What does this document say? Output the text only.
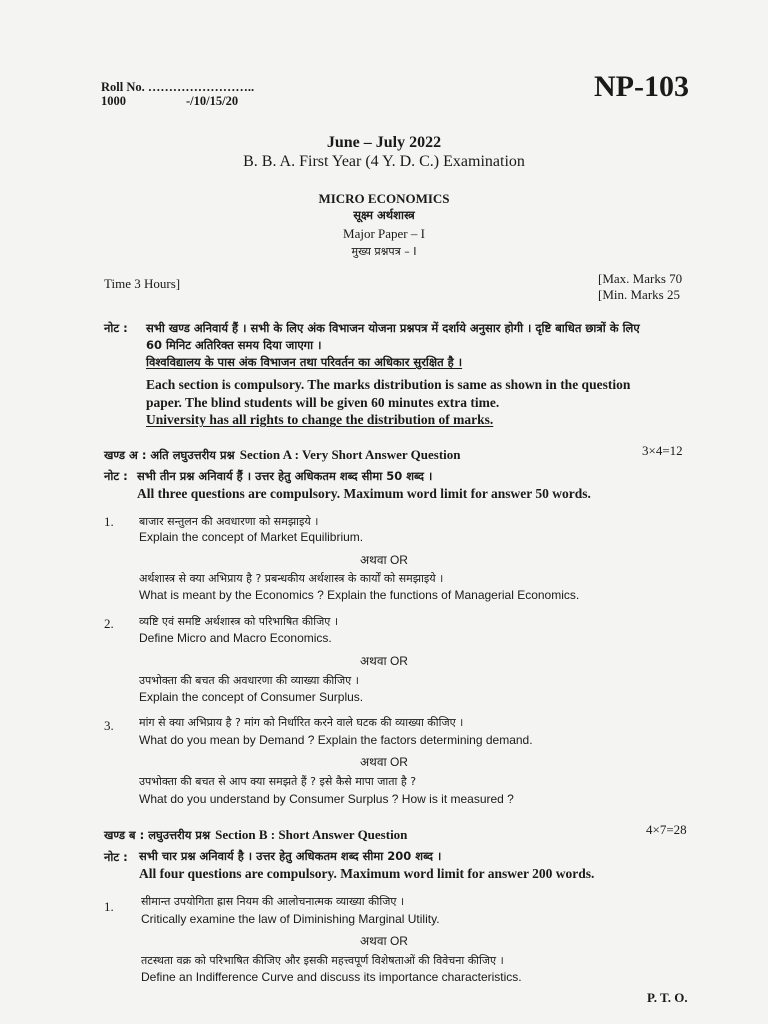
Roll No. ……………………..
1000	-/10/15/20	NP-103
June – July 2022
B. B. A. First Year (4 Y. D. C.) Examination
MICRO ECONOMICS
सूक्ष्म अर्थशास्त्र
Major Paper – I
मुख्य प्रश्नपत्र – I
Time 3 Hours]	[Max. Marks 70
[Min. Marks 25
नोट : सभी खण्ड अनिवार्य हैं । सभी के लिए अंक विभाजन योजना प्रश्नपत्र में दर्शाये अनुसार होगी । दृष्टि बाधित छात्रों के लिए
60 मिनिट अतिरिक्त समय दिया जाएगा ।
विश्वविद्यालय के पास अंक विभाजन तथा परिवर्तन का अधिकार सुरक्षित है ।
Each section is compulsory. The marks distribution is same as shown in the question
paper. The blind students will be given 60 minutes extra time.
University has all rights to change the distribution of marks.
खण्ड अ : अति लघुउत्तरीय प्रश्न Section A : Very Short Answer Question	3×4=12
नोट : सभी तीन प्रश्न अनिवार्य हैं । उत्तर हेतु अधिकतम शब्द सीमा 50 शब्द ।
All three questions are compulsory. Maximum word limit for answer 50 words.
1. बाजार सन्तुलन की अवधारणा को समझाइये ।
Explain the concept of Market Equilibrium.
अथवा OR
अर्थशास्त्र से क्या अभिप्राय है ? प्रबन्धकीय अर्थशास्त्र के कार्यों को समझाइये ।
What is meant by the Economics ? Explain the functions of Managerial Economics.
2. व्यष्टि एवं समष्टि अर्थशास्त्र को परिभाषित कीजिए ।
Define Micro and Macro Economics.
अथवा OR
उपभोक्ता की बचत की अवधारणा की व्याख्या कीजिए ।
Explain the concept of Consumer Surplus.
3. मांग से क्या अभिप्राय है ? मांग को निर्धारित करने वाले घटक की व्याख्या कीजिए ।
What do you mean by Demand ? Explain the factors determining demand.
अथवा OR
उपभोक्ता की बचत से आप क्या समझते हैं ? इसे कैसे मापा जाता है ?
What do you understand by Consumer Surplus ? How is it measured ?
खण्ड ब : लघुउत्तरीय प्रश्न Section B : Short Answer Question	4×7=28
नोट : सभी चार प्रश्न अनिवार्य है । उत्तर हेतु अधिकतम शब्द सीमा 200 शब्द ।
All four questions are compulsory. Maximum word limit for answer 200 words.
1. सीमान्त उपयोगिता ह्रास नियम की आलोचनात्मक व्याख्या कीजिए ।
Critically examine the law of Diminishing Marginal Utility.
अथवा OR
तटस्थता वक्र को परिभाषित कीजिए और इसकी महत्त्वपूर्ण विशेषताओं की विवेचना कीजिए ।
Define an Indifference Curve and discuss its importance characteristics.
P. T. O.
